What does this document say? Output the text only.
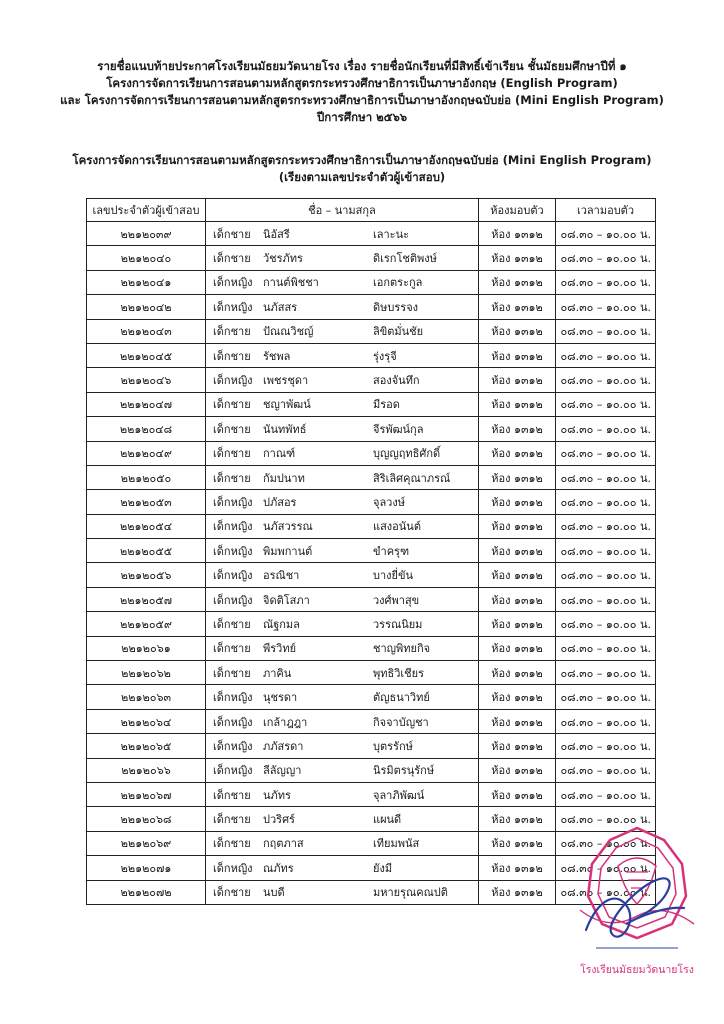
รายชื่อแนบท้ายประกาศโรงเรียนมัธยมวัดนายโรง เรื่อง รายชื่อนักเรียนที่มีสิทธิ์เข้าเรียน ชั้นมัธยมศึกษาปีที่ ๑
โครงการจัดการเรียนการสอนตามหลักสูตรกระทรวงศึกษาธิการเป็นภาษาอังกฤษ (English Program)
และ โครงการจัดการเรียนการสอนตามหลักสูตรกระทรวงศึกษาธิการเป็นภาษาอังกฤษฉบับย่อ (Mini English Program)
ปีการศึกษา ๒๕๖๖
โครงการจัดการเรียนการสอนตามหลักสูตรกระทรวงศึกษาธิการเป็นภาษาอังกฤษฉบับย่อ (Mini English Program)
(เรียงตามเลขประจำตัวผู้เข้าสอบ)
เลขประจำตัวผู้เข้าสอบ	ชื่อ – นามสกุล	ห้องมอบตัว	เวลามอบตัว
๒๒๑๒๐๓๙	เด็กชาย นิอัสรี เลาะนะ	ห้อง ๑๓๑๒	๐๘.๓๐ – ๑๐.๐๐ น.
๒๒๑๒๐๔๐	เด็กชาย วัชรภัทร ดิเรกโชติพงษ์	ห้อง ๑๓๑๒	๐๘.๓๐ – ๑๐.๐๐ น.
๒๒๑๒๐๔๑	เด็กหญิง กานต์พิชชา เอกตระกูล	ห้อง ๑๓๑๒	๐๘.๓๐ – ๑๐.๐๐ น.
๒๒๑๒๐๔๒	เด็กหญิง นภัสสร ดิษบรรจง	ห้อง ๑๓๑๒	๐๘.๓๐ – ๑๐.๐๐ น.
๒๒๑๒๐๔๓	เด็กชาย ปัณณวิชญ์ ลิขิตมั่นชัย	ห้อง ๑๓๑๒	๐๘.๓๐ – ๑๐.๐๐ น.
๒๒๑๒๐๔๕	เด็กชาย รัชพล รุ่งรุจี	ห้อง ๑๓๑๒	๐๘.๓๐ – ๑๐.๐๐ น.
๒๒๑๒๐๔๖	เด็กหญิง เพชรชุดา สองจันทึก	ห้อง ๑๓๑๒	๐๘.๓๐ – ๑๐.๐๐ น.
๒๒๑๒๐๔๗	เด็กชาย ชญาพัฒน์ มีรอด	ห้อง ๑๓๑๒	๐๘.๓๐ – ๑๐.๐๐ น.
๒๒๑๒๐๔๘	เด็กชาย นันทพัทธ์ จีรพัฒน์กุล	ห้อง ๑๓๑๒	๐๘.๓๐ – ๑๐.๐๐ น.
๒๒๑๒๐๔๙	เด็กชาย กาณฑ์ บุญญฤทธิศักดิ์	ห้อง ๑๓๑๒	๐๘.๓๐ – ๑๐.๐๐ น.
๒๒๑๒๐๕๐	เด็กชาย กัมปนาท สิริเลิศคุณาภรณ์	ห้อง ๑๓๑๒	๐๘.๓๐ – ๑๐.๐๐ น.
๒๒๑๒๐๕๓	เด็กหญิง ปภัสอร จุลวงษ์	ห้อง ๑๓๑๒	๐๘.๓๐ – ๑๐.๐๐ น.
๒๒๑๒๐๕๔	เด็กหญิง นภัสวรรณ แสงอนันต์	ห้อง ๑๓๑๒	๐๘.๓๐ – ๑๐.๐๐ น.
๒๒๑๒๐๕๕	เด็กหญิง พิมพกานต์ ขำครุฑ	ห้อง ๑๓๑๒	๐๘.๓๐ – ๑๐.๐๐ น.
๒๒๑๒๐๕๖	เด็กหญิง อรณิชา บางยี่ขัน	ห้อง ๑๓๑๒	๐๘.๓๐ – ๑๐.๐๐ น.
๒๒๑๒๐๕๗	เด็กหญิง จิดติโสภา วงศ์พาสุข	ห้อง ๑๓๑๒	๐๘.๓๐ – ๑๐.๐๐ น.
๒๒๑๒๐๕๙	เด็กชาย ณัฐกมล วรรณนิยม	ห้อง ๑๓๑๒	๐๘.๓๐ – ๑๐.๐๐ น.
๒๒๑๒๐๖๑	เด็กชาย พีรวิทย์ ชาญพิทยกิจ	ห้อง ๑๓๑๒	๐๘.๓๐ – ๑๐.๐๐ น.
๒๒๑๒๐๖๒	เด็กชาย ภาคิน พุทธิวิเชียร	ห้อง ๑๓๑๒	๐๘.๓๐ – ๑๐.๐๐ น.
๒๒๑๒๐๖๓	เด็กหญิง นุชรดา ตัญธนาวิทย์	ห้อง ๑๓๑๒	๐๘.๓๐ – ๑๐.๐๐ น.
๒๒๑๒๐๖๔	เด็กหญิง เกล้าฎฎา กิจจาบัญชา	ห้อง ๑๓๑๒	๐๘.๓๐ – ๑๐.๐๐ น.
๒๒๑๒๐๖๕	เด็กหญิง ภภัสรดา บุตรรักษ์	ห้อง ๑๓๑๒	๐๘.๓๐ – ๑๐.๐๐ น.
๒๒๑๒๐๖๖	เด็กหญิง ลีลัญญา นิรมิตรนุรักษ์	ห้อง ๑๓๑๒	๐๘.๓๐ – ๑๐.๐๐ น.
๒๒๑๒๐๖๗	เด็กชาย นภัทร จุลาภิพัฒน์	ห้อง ๑๓๑๒	๐๘.๓๐ – ๑๐.๐๐ น.
๒๒๑๒๐๖๘	เด็กชาย ปวริศร์ แผนดี	ห้อง ๑๓๑๒	๐๘.๓๐ – ๑๐.๐๐ น.
๒๒๑๒๐๖๙	เด็กชาย กฤตภาส เทียมพนัส	ห้อง ๑๓๑๒	๐๘.๓๐ – ๑๐.๐๐ น.
๒๒๑๒๐๗๑	เด็กหญิง ณภัทร ยังมี	ห้อง ๑๓๑๒	๐๘.๓๐ – ๑๐.๐๐ น.
๒๒๑๒๐๗๒	เด็กชาย นบดี มหายรุณคณปติ	ห้อง ๑๓๑๒	๐๘.๓๐ – ๑๐.๐๐ น.
โรงเรียนมัธยมวัดนายโรง
